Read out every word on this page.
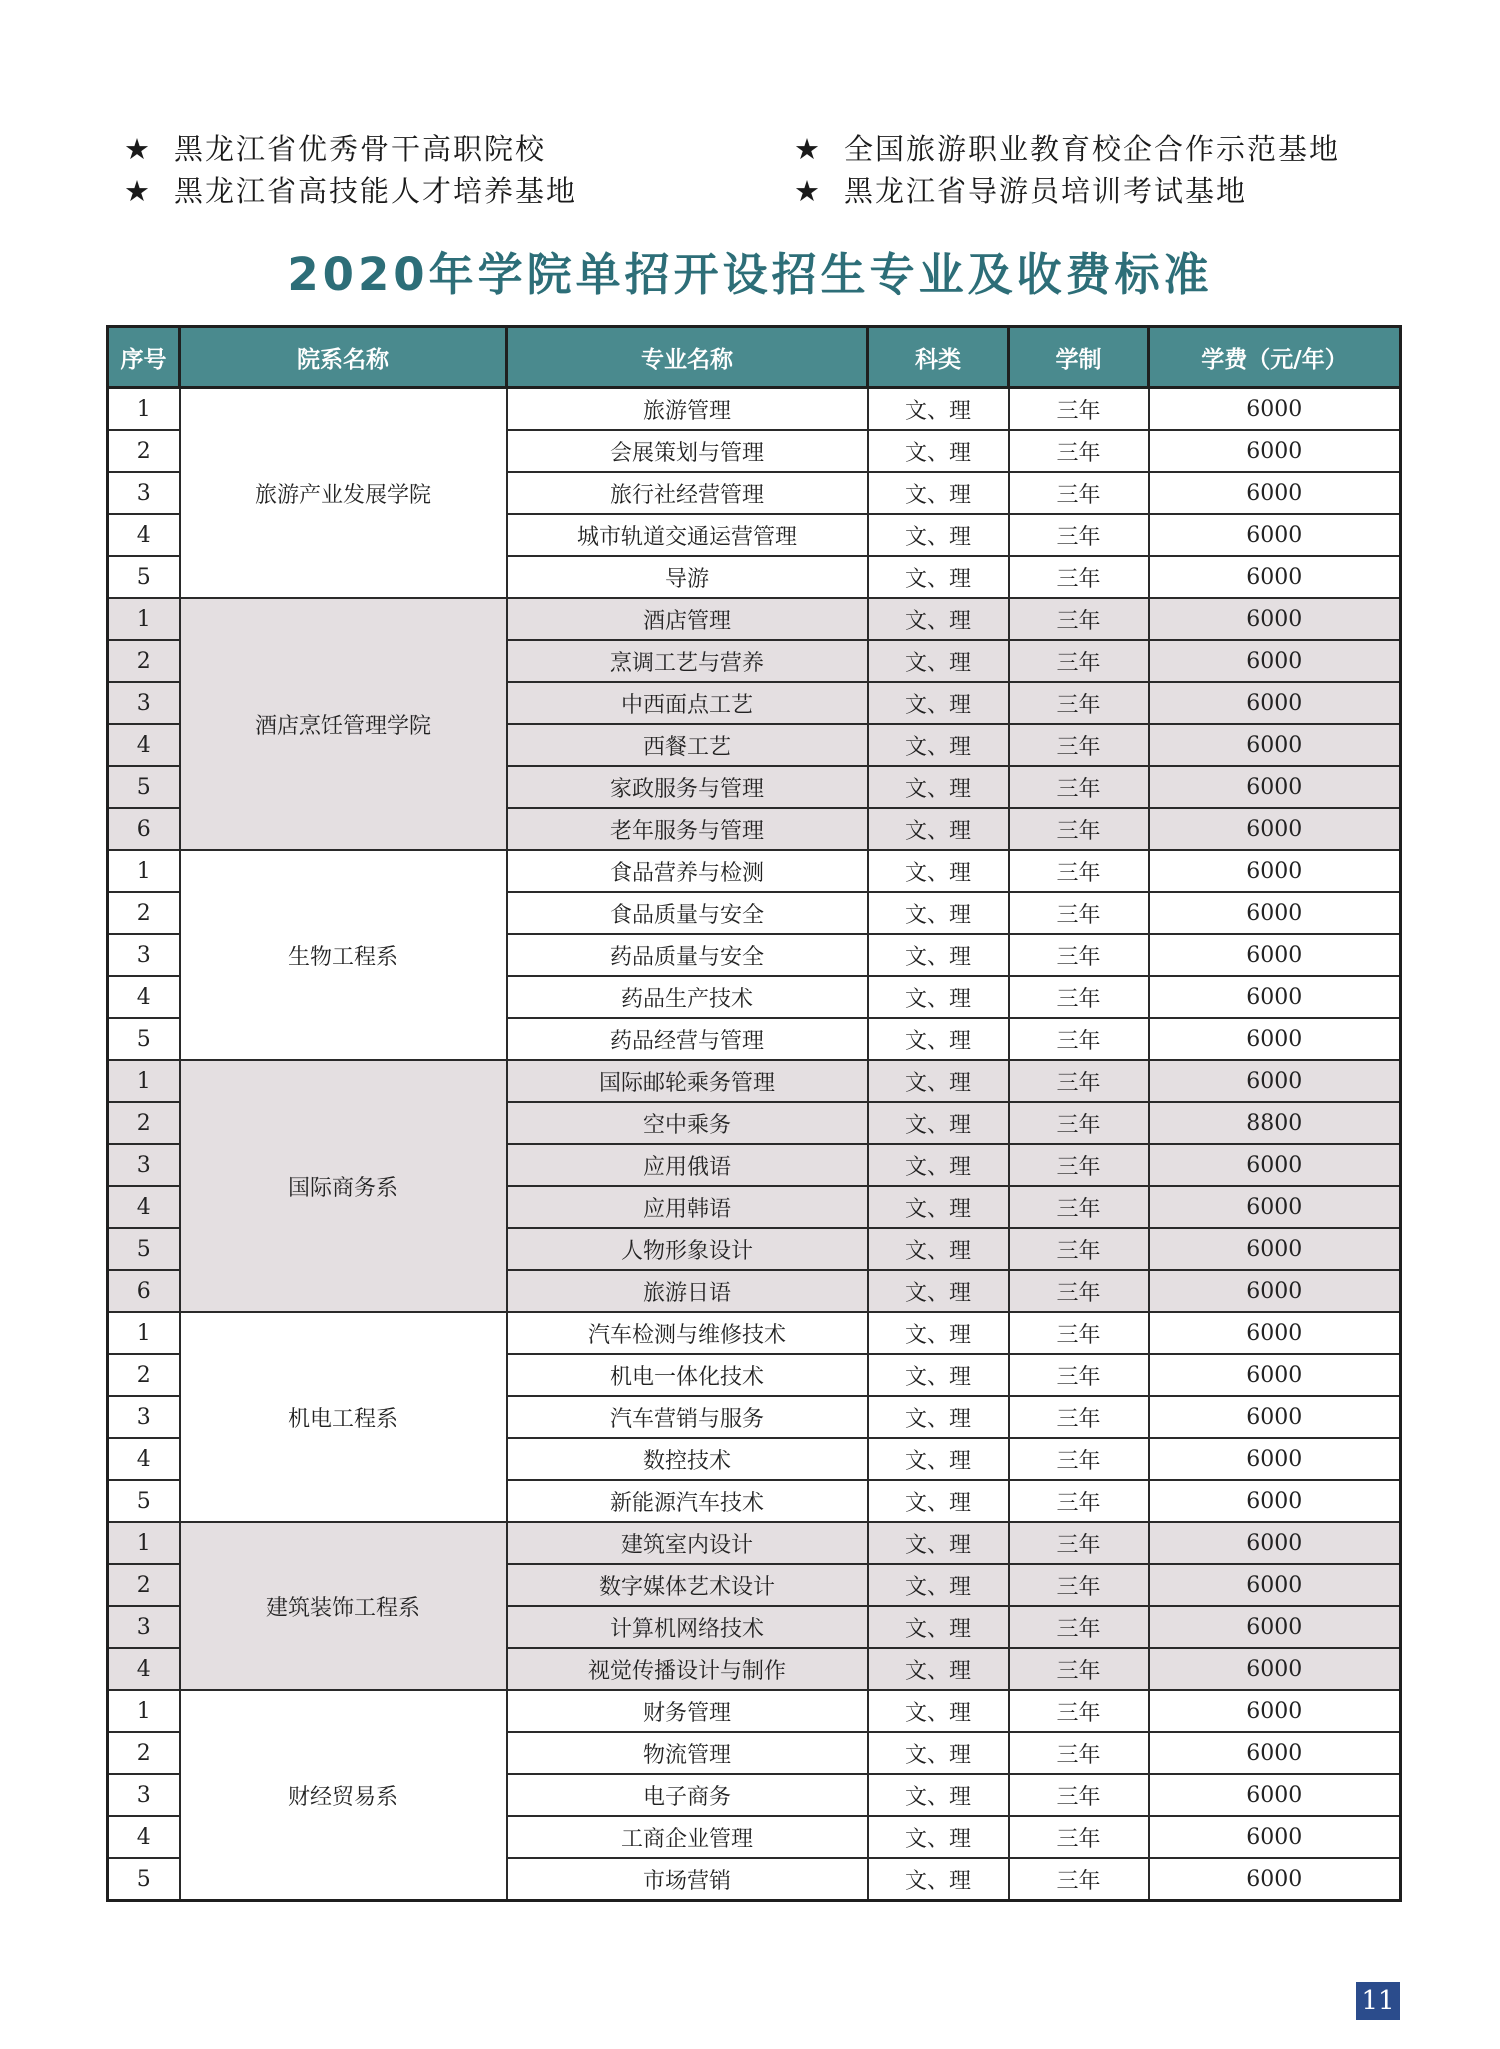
★ 黑龙江省优秀骨干高职院校	★ 全国旅游职业教育校企合作示范基地
★ 黑龙江省高技能人才培养基地	★ 黑龙江省导游员培训考试基地
2020年学院单招开设招生专业及收费标准
序号	院系名称	专业名称	科类	学制	学费（元/年）
1	旅游产业发展学院	旅游管理	文、理	三年	6000
2		会展策划与管理	文、理	三年	6000
3		旅行社经营管理	文、理	三年	6000
4		城市轨道交通运营管理	文、理	三年	6000
5		导游	文、理	三年	6000
1	酒店烹饪管理学院	酒店管理	文、理	三年	6000
2		烹调工艺与营养	文、理	三年	6000
3		中西面点工艺	文、理	三年	6000
4		西餐工艺	文、理	三年	6000
5		家政服务与管理	文、理	三年	6000
6		老年服务与管理	文、理	三年	6000
1	生物工程系	食品营养与检测	文、理	三年	6000
2		食品质量与安全	文、理	三年	6000
3		药品质量与安全	文、理	三年	6000
4		药品生产技术	文、理	三年	6000
5		药品经营与管理	文、理	三年	6000
1	国际商务系	国际邮轮乘务管理	文、理	三年	6000
2		空中乘务	文、理	三年	8800
3		应用俄语	文、理	三年	6000
4		应用韩语	文、理	三年	6000
5		人物形象设计	文、理	三年	6000
6		旅游日语	文、理	三年	6000
1	机电工程系	汽车检测与维修技术	文、理	三年	6000
2		机电一体化技术	文、理	三年	6000
3		汽车营销与服务	文、理	三年	6000
4		数控技术	文、理	三年	6000
5		新能源汽车技术	文、理	三年	6000
1	建筑装饰工程系	建筑室内设计	文、理	三年	6000
2		数字媒体艺术设计	文、理	三年	6000
3		计算机网络技术	文、理	三年	6000
4		视觉传播设计与制作	文、理	三年	6000
1	财经贸易系	财务管理	文、理	三年	6000
2		物流管理	文、理	三年	6000
3		电子商务	文、理	三年	6000
4		工商企业管理	文、理	三年	6000
5		市场营销	文、理	三年	6000
11
